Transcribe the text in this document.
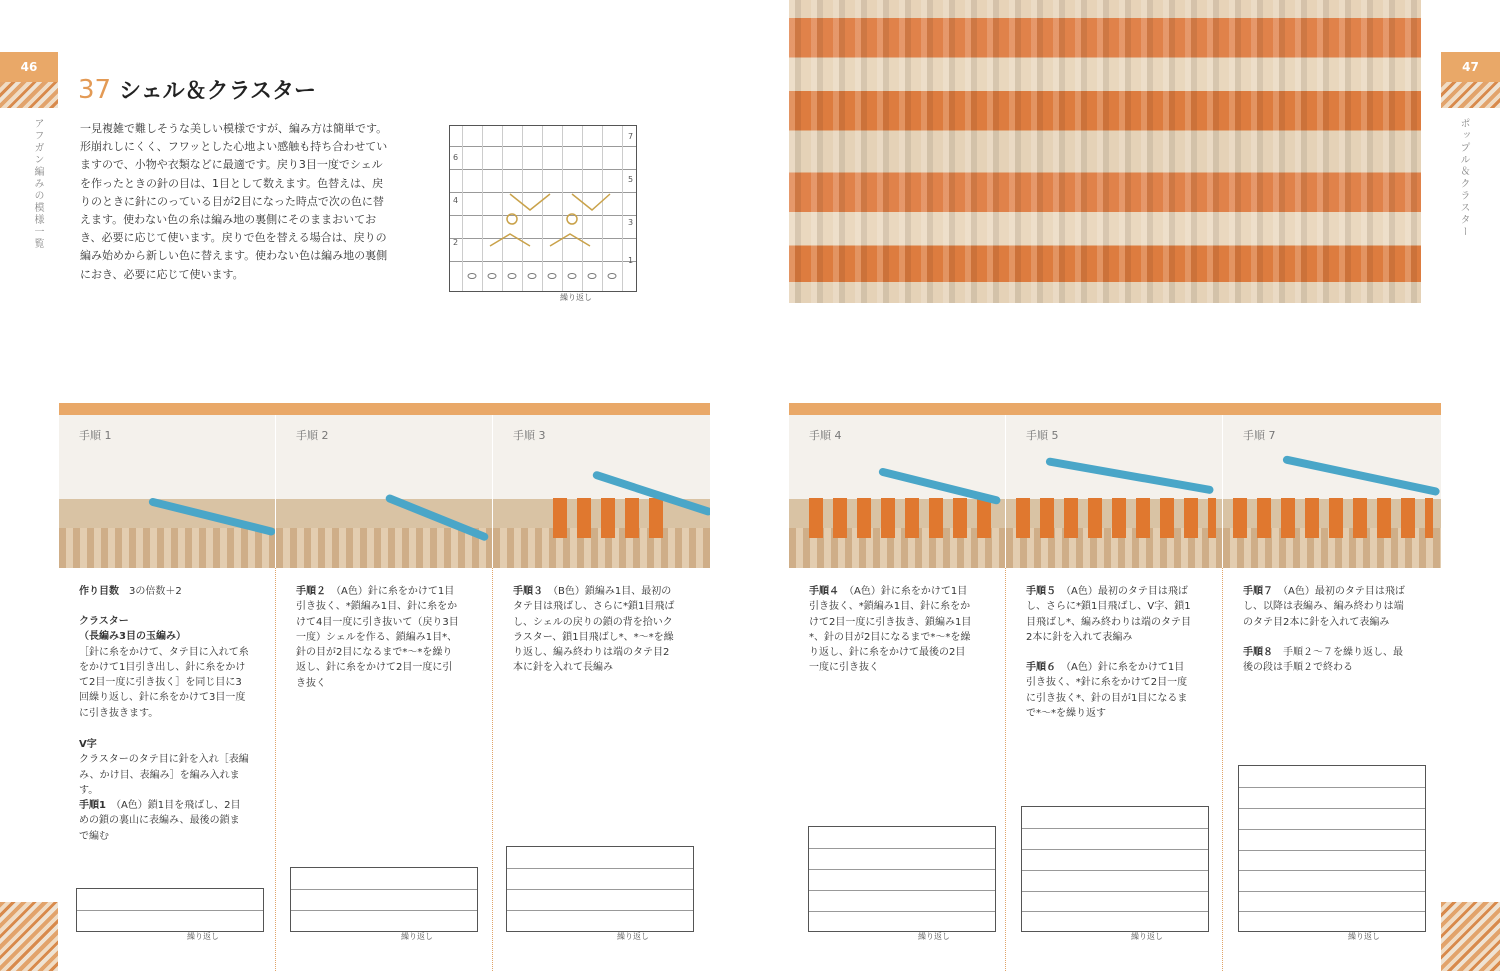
46
アフガン編みの模様一覧
47
ポップル＆クラスター
37 シェル＆クラスター
一見複雑で難しそうな美しい模様ですが、編み方は簡単です。形崩れしにくく、フワッとした心地よい感触も持ち合わせていますので、小物や衣類などに最適です。戻り3目一度でシェルを作ったときの針の目は、1目として数えます。色替えは、戻りのときに針にのっている目が2目になった時点で次の色に替えます。使わない色の糸は編み地の裏側にそのままおいておき、必要に応じて使います。戻りで色を替える場合は、戻りの編み始めから新しい色に替えます。使わない色は編み地の裏側におき、必要に応じて使います。
7
6
5
4
3
2
1
繰り返し
手順 1	手順 2	手順 3	手順 4	手順 5	手順 7
作り目数　 3の倍数＋2
クラスター
（長編み3目の玉編み）
［針に糸をかけて、タテ目に入れて糸をかけて1目引き出し、針に糸をかけて2目一度に引き抜く］を同じ目に3回繰り返し、針に糸をかけて3目一度に引き抜きます。
V字
クラスターのタテ目に針を入れ［表編み、かけ目、表編み］を編み入れます。
手順1　 （A色）鎖1目を飛ばし、2目めの鎖の裏山に表編み、最後の鎖まで編む
手順２　 （A色）針に糸をかけて1目引き抜く、*鎖編み1目、針に糸をかけて4目一度に引き抜いて（戻り3目一度）シェルを作る、鎖編み1目*、針の目が2目になるまで*～*を繰り返し、針に糸をかけて2目一度に引き抜く
手順３　 （B色）鎖編み1目、最初のタテ目は飛ばし、さらに*鎖1目飛ばし、シェルの戻りの鎖の背を拾いクラスター、鎖1目飛ばし*、*～*を繰り返し、編み終わりは端のタテ目2本に針を入れて長編み
手順４　 （A色）針に糸をかけて1目引き抜く、*鎖編み1目、針に糸をかけて2目一度に引き抜き、鎖編み1目*、針の目が2目になるまで*～*を繰り返し、針に糸をかけて最後の2目一度に引き抜く
手順５　 （A色）最初のタテ目は飛ばし、さらに*鎖1目飛ばし、V字、鎖1目飛ばし*、編み終わりは端のタテ目2本に針を入れて表編み
手順６　 （A色）針に糸をかけて1目引き抜く、*針に糸をかけて2目一度に引き抜く*、針の目が1目になるまで*～*を繰り返す
手順７　 （A色）最初のタテ目は飛ばし、以降は表編み、編み終わりは端のタテ目2本に針を入れて表編み
手順８　 手順２～７を繰り返し、最後の段は手順２で終わる
繰り返し	繰り返し	繰り返し	繰り返し	繰り返し	繰り返し
